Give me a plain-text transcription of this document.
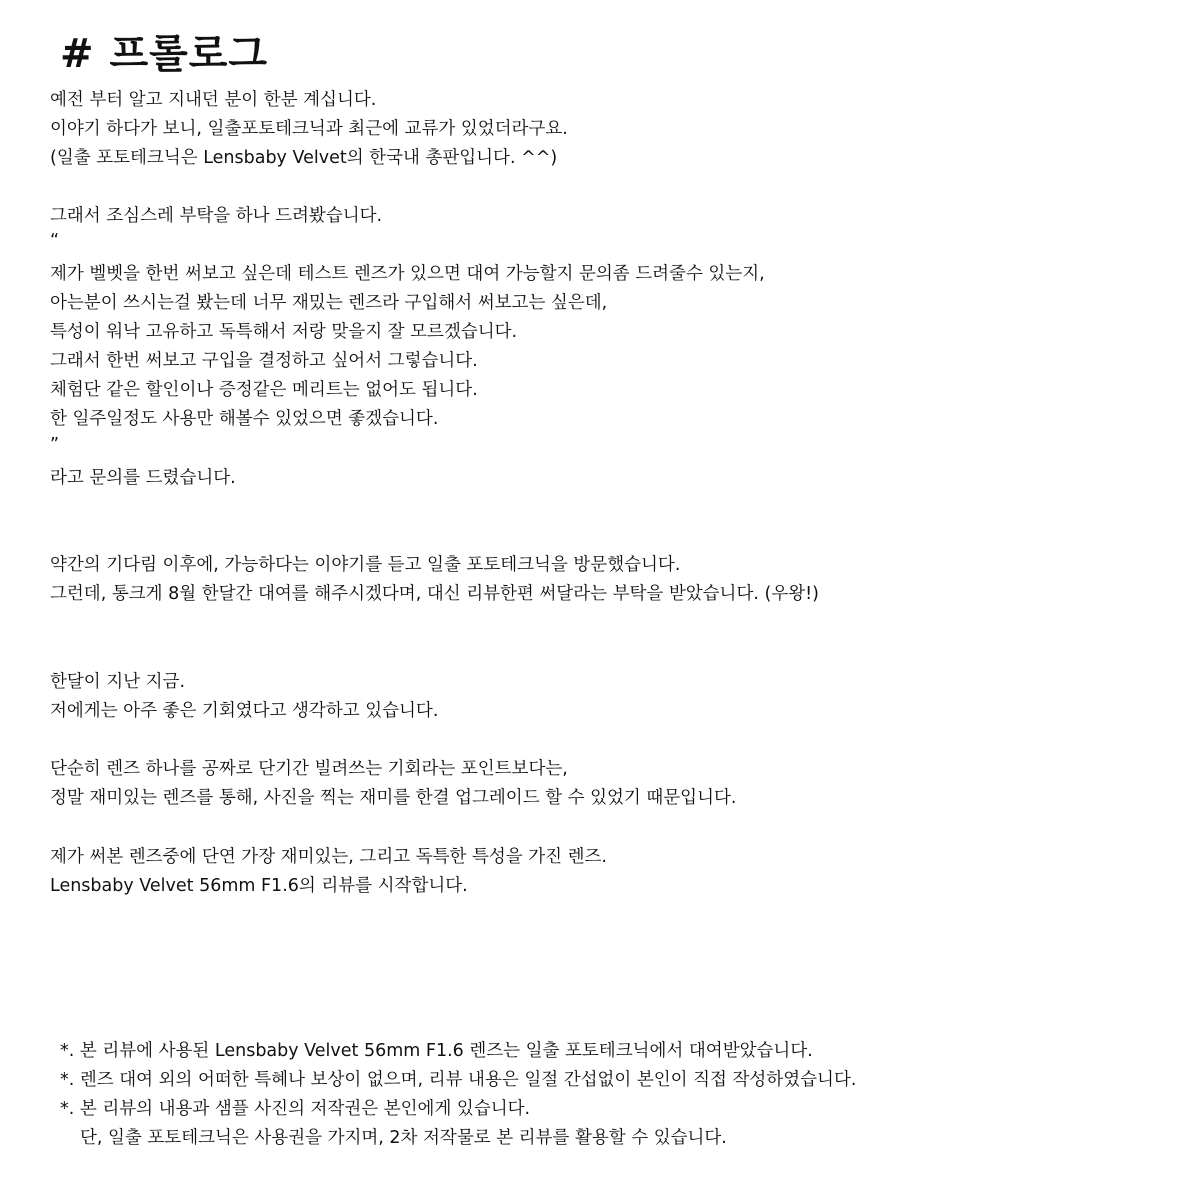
# 프롤로그
예전 부터 알고 지내던 분이 한분 계십니다.
이야기 하다가 보니, 일출포토테크닉과 최근에 교류가 있었더라구요.
(일출 포토테크닉은 Lensbaby Velvet의 한국내 총판입니다. ^^)
그래서 조심스레 부탁을 하나 드려봤습니다.
“
제가 벨벳을 한번 써보고 싶은데 테스트 렌즈가 있으면 대여 가능할지 문의좀 드려줄수 있는지,
아는분이 쓰시는걸 봤는데 너무 재밌는 렌즈라 구입해서 써보고는 싶은데,
특성이 워낙 고유하고 독특해서 저랑 맞을지 잘 모르겠습니다.
그래서 한번 써보고 구입을 결정하고 싶어서 그렇습니다.
체험단 같은 할인이나 증정같은 메리트는 없어도 됩니다.
한 일주일정도 사용만 해볼수 있었으면 좋겠습니다.
”
라고 문의를 드렸습니다.
약간의 기다림 이후에, 가능하다는 이야기를 듣고 일출 포토테크닉을 방문했습니다.
그런데, 통크게 8월 한달간 대여를 해주시겠다며, 대신 리뷰한편 써달라는 부탁을 받았습니다. (우왕!)
한달이 지난 지금.
저에게는 아주 좋은 기회였다고 생각하고 있습니다.
단순히 렌즈 하나를 공짜로 단기간 빌려쓰는 기회라는 포인트보다는,
정말 재미있는 렌즈를 통해, 사진을 찍는 재미를 한결 업그레이드 할 수 있었기 때문입니다.
제가 써본 렌즈중에 단연 가장 재미있는, 그리고 독특한 특성을 가진 렌즈.
Lensbaby Velvet 56mm F1.6의 리뷰를 시작합니다.
*. 본 리뷰에 사용된 Lensbaby Velvet 56mm F1.6 렌즈는 일출 포토테크닉에서 대여받았습니다.
*. 렌즈 대여 외의 어떠한 특혜나 보상이 없으며, 리뷰 내용은 일절 간섭없이 본인이 직접 작성하였습니다.
*. 본 리뷰의 내용과 샘플 사진의 저작권은 본인에게 있습니다.
단, 일출 포토테크닉은 사용권을 가지며, 2차 저작물로 본 리뷰를 활용할 수 있습니다.
